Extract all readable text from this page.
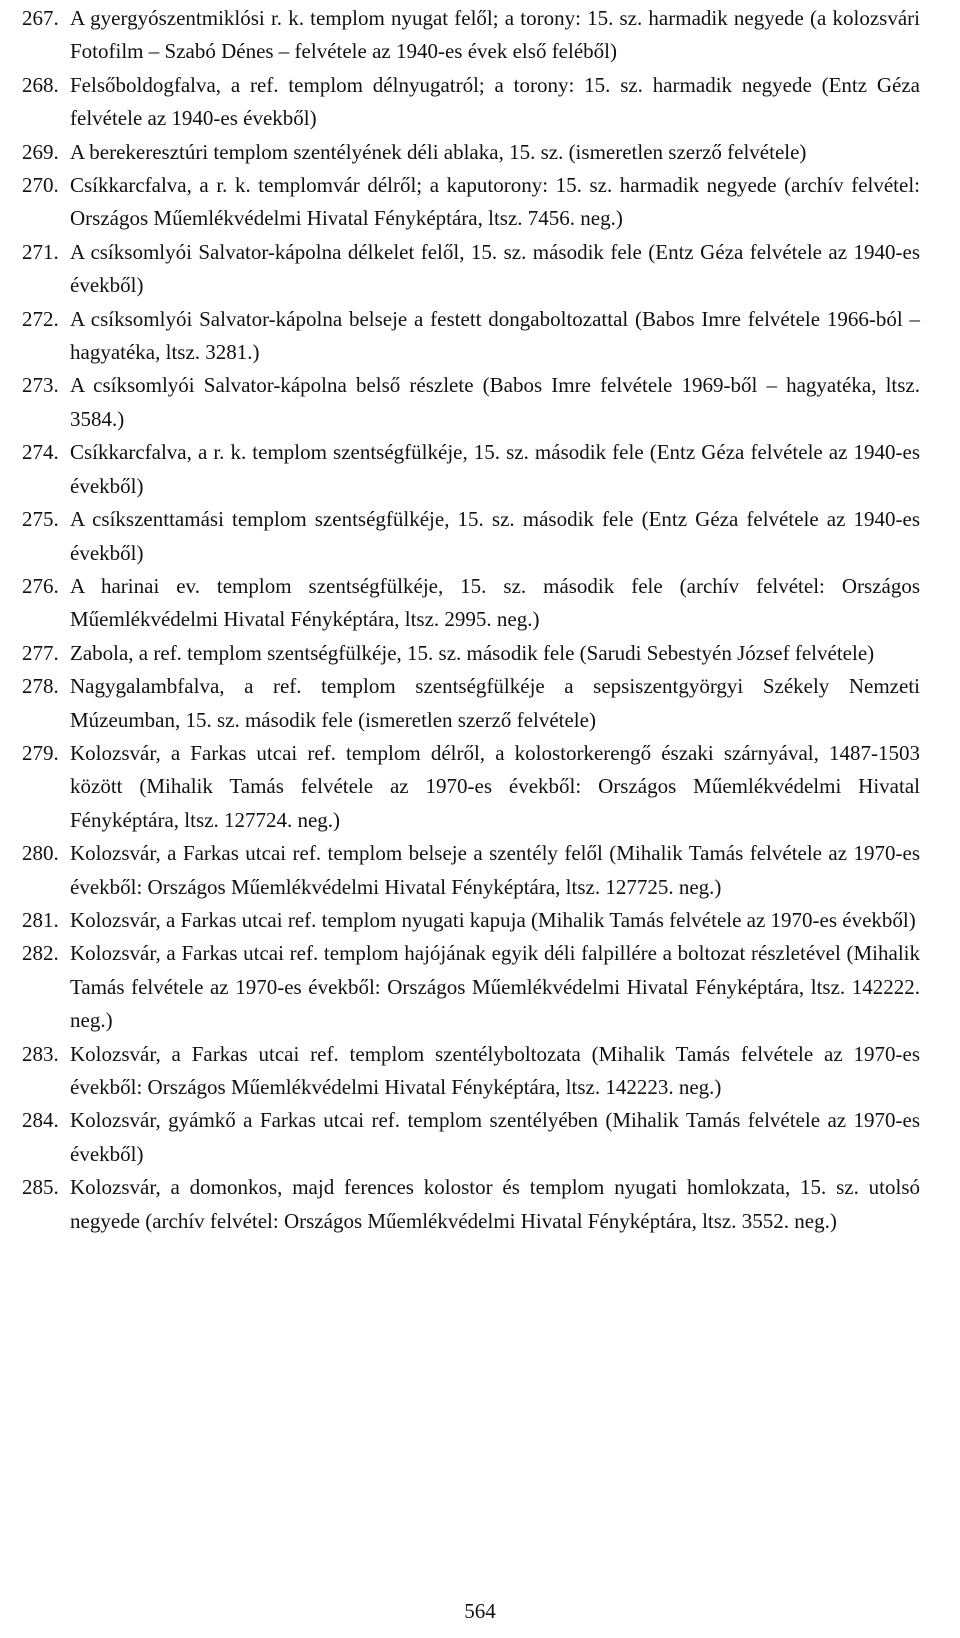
267. A gyergyószentmiklósi r. k. templom nyugat felől; a torony: 15. sz. harmadik negyede (a kolozsvári Fotofilm – Szabó Dénes – felvétele az 1940-es évek első feléből)
268. Felsőboldogfalva, a ref. templom délnyugatról; a torony: 15. sz. harmadik negyede (Entz Géza felvétele az 1940-es évekből)
269. A berekeresztúri templom szentélyének déli ablaka, 15. sz. (ismeretlen szerző felvétele)
270. Csíkkarcfalva, a r. k. templomvár délről; a kaputorony: 15. sz. harmadik negyede (archív felvétel: Országos Műemlékvédelmi Hivatal Fényképtára, ltsz. 7456. neg.)
271. A csíksomlyói Salvator-kápolna délkelet felől, 15. sz. második fele (Entz Géza felvétele az 1940-es évekből)
272. A csíksomlyói Salvator-kápolna belseje a festett dongaboltozattal (Babos Imre felvétele 1966-ból – hagyatéka, ltsz. 3281.)
273. A csíksomlyói Salvator-kápolna belső részlete (Babos Imre felvétele 1969-ből – hagyatéka, ltsz. 3584.)
274. Csíkkarcfalva, a r. k. templom szentségfülkéje, 15. sz. második fele (Entz Géza felvétele az 1940-es évekből)
275. A csíkszenttamási templom szentségfülkéje, 15. sz. második fele (Entz Géza felvétele az 1940-es évekből)
276. A harinai ev. templom szentségfülkéje, 15. sz. második fele (archív felvétel: Országos Műemlékvédelmi Hivatal Fényképtára, ltsz. 2995. neg.)
277. Zabola, a ref. templom szentségfülkéje, 15. sz. második fele (Sarudi Sebestyén József felvétele)
278. Nagygalambfalva, a ref. templom szentségfülkéje a sepsiszentgyörgyi Székely Nemzeti Múzeumban, 15. sz. második fele (ismeretlen szerző felvétele)
279. Kolozsvár, a Farkas utcai ref. templom délről, a kolostorkerengő északi szárnyával, 1487-1503 között (Mihalik Tamás felvétele az 1970-es évekből: Országos Műemlékvédelmi Hivatal Fényképtára, ltsz. 127724. neg.)
280. Kolozsvár, a Farkas utcai ref. templom belseje a szentély felől (Mihalik Tamás felvétele az 1970-es évekből: Országos Műemlékvédelmi Hivatal Fényképtára, ltsz. 127725. neg.)
281. Kolozsvár, a Farkas utcai ref. templom nyugati kapuja (Mihalik Tamás felvétele az 1970-es évekből)
282. Kolozsvár, a Farkas utcai ref. templom hajójának egyik déli falpillére a boltozat részletével (Mihalik Tamás felvétele az 1970-es évekből: Országos Műemlékvédelmi Hivatal Fényképtára, ltsz. 142222. neg.)
283. Kolozsvár, a Farkas utcai ref. templom szentélyboltozata (Mihalik Tamás felvétele az 1970-es évekből: Országos Műemlékvédelmi Hivatal Fényképtára, ltsz. 142223. neg.)
284. Kolozsvár, gyámkő a Farkas utcai ref. templom szentélyében (Mihalik Tamás felvétele az 1970-es évekből)
285. Kolozsvár, a domonkos, majd ferences kolostor és templom nyugati homlokzata, 15. sz. utolsó negyede (archív felvétel: Országos Műemlékvédelmi Hivatal Fényképtára, ltsz. 3552. neg.)
564
